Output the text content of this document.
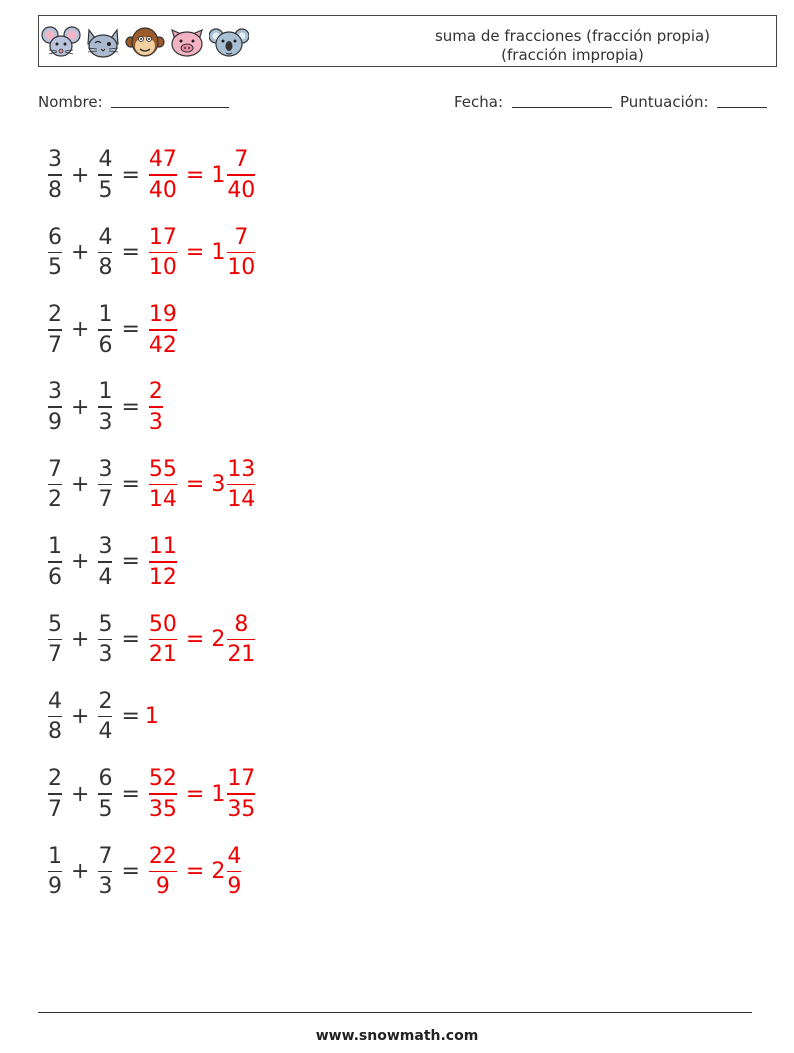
suma de fracciones (fracción propia)
(fracción impropia)
Nombre:	Fecha:	Puntuación:
$\frac{3}{8} + \frac{4}{5} = \frac{47}{40} = 1 \frac{7}{40}$
$\frac{6}{5} + \frac{4}{8} = \frac{17}{10} = 1 \frac{7}{10}$
$\frac{2}{7} + \frac{1}{6} = \frac{19}{42}$
$\frac{3}{9} + \frac{1}{3} = \frac{2}{3}$
$\frac{7}{2} + \frac{3}{7} = \frac{55}{14} = 3 \frac{13}{14}$
$\frac{1}{6} + \frac{3}{4} = \frac{11}{12}$
$\frac{5}{7} + \frac{5}{3} = \frac{50}{21} = 2 \frac{8}{21}$
$\frac{4}{8} + \frac{2}{4} = 1$
$\frac{2}{7} + \frac{6}{5} = \frac{52}{35} = 1 \frac{17}{35}$
$\frac{1}{9} + \frac{7}{3} = \frac{22}{9} = 2 \frac{4}{9}$
www.snowmath.com
